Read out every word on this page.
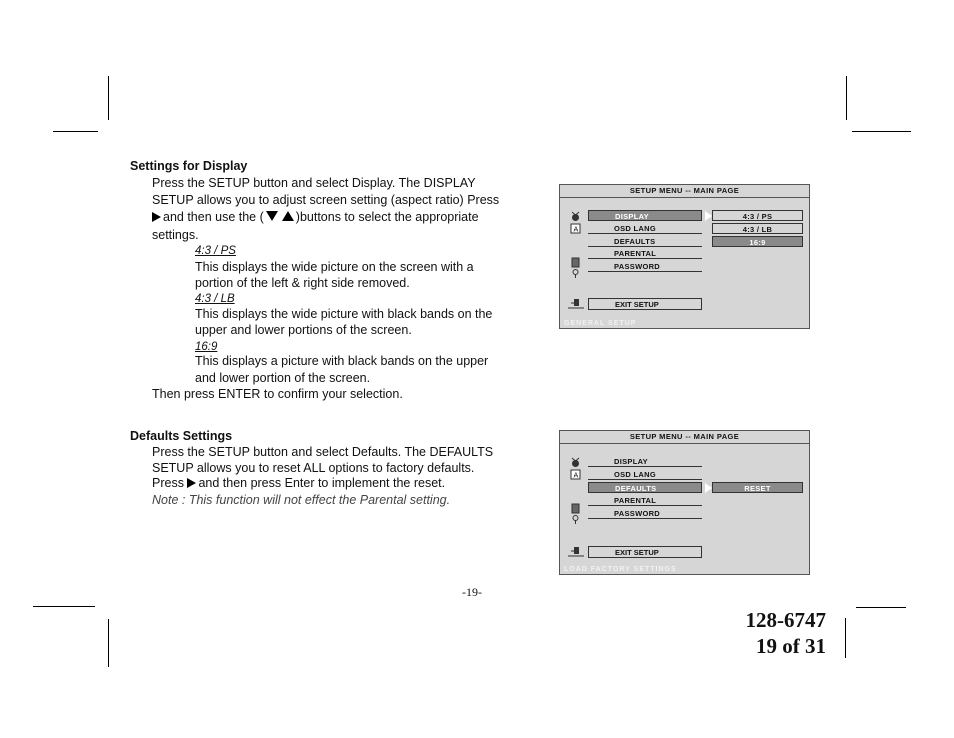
Settings for Display
Press the SETUP button and select Display. The DISPLAY
SETUP allows you to adjust screen setting (aspect ratio) Press
and then use the (	)buttons to select the appropriate
settings.
4:3 / PS
This displays the wide picture on the screen with a
portion of the left & right side removed.
4:3 / LB
This displays the wide picture with black bands on the
upper and lower portions of the screen.
16:9
This displays a picture with black bands on the upper
and lower portion of the screen.
Then press ENTER to confirm your selection.
Defaults Settings
Press the SETUP button and select Defaults. The DEFAULTS
SETUP allows you to reset ALL options to factory defaults.
Press and then press Enter to implement the reset.
Note : This function will not effect the Parental setting.
SETUP MENU -- MAIN PAGE
A
DISPLAY
OSD LANG
DEFAULTS
PARENTAL
PASSWORD
4:3 / PS
4:3 / LB
16:9
EXIT SETUP
GENERAL SETUP
SETUP MENU -- MAIN PAGE
A
DISPLAY
OSD LANG
DEFAULTS
PARENTAL
PASSWORD
RESET
EXIT SETUP
LOAD FACTORY SETTINGS
-19-
128-6747
19 of 31
